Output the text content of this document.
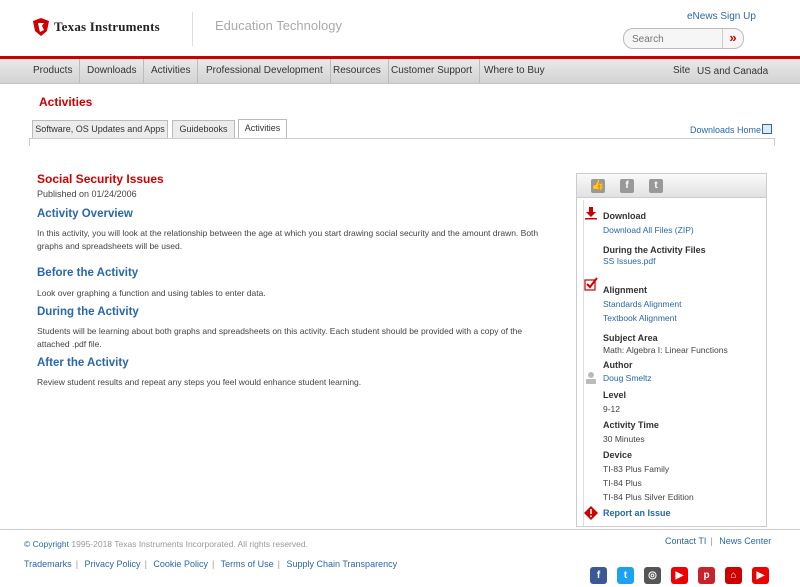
Texas Instruments	Education Technology
eNews Sign Up
Search
»
Products	Downloads	Activities	Professional Development	Resources	Customer Support	Where to Buy	Site US and Canada
Activities
Software, OS Updates and Apps	Guidebooks	Activities	Downloads Home
Social Security Issues
Published on 01/24/2006
Activity Overview

In this activity, you will look at the relationship between the age at which you start drawing social security and the amount drawn. Both graphs and spreadsheets will be used.

Before the Activity

Look over graphing a function and using tables to enter data.

During the Activity

Students will be learning about both graphs and spreadsheets on this activity. Each student should be provided with a copy of the attached .pdf file.

After the Activity

Review student results and repeat any steps you feel would enhance student learning.

👍	f	t
Download
Download All Files (ZIP)
During the Activity Files
SS Issues.pdf
Alignment
Standards Alignment
Textbook Alignment
Subject Area
Math: Algebra I: Linear Functions
Author
Doug Smeltz
Level
9-12
Activity Time
30 Minutes
Device
TI-83 Plus Family
TI-84 Plus
TI-84 Plus Silver Edition
Report an Issue
© Copyright 1995-2018 Texas Instruments Incorporated. All rights reserved.
Trademarks | Privacy Policy | Cookie Policy | Terms of Use | Supply Chain Transparency
Contact TI | News Center
f	t	◎	▶	p	⌂	▶
